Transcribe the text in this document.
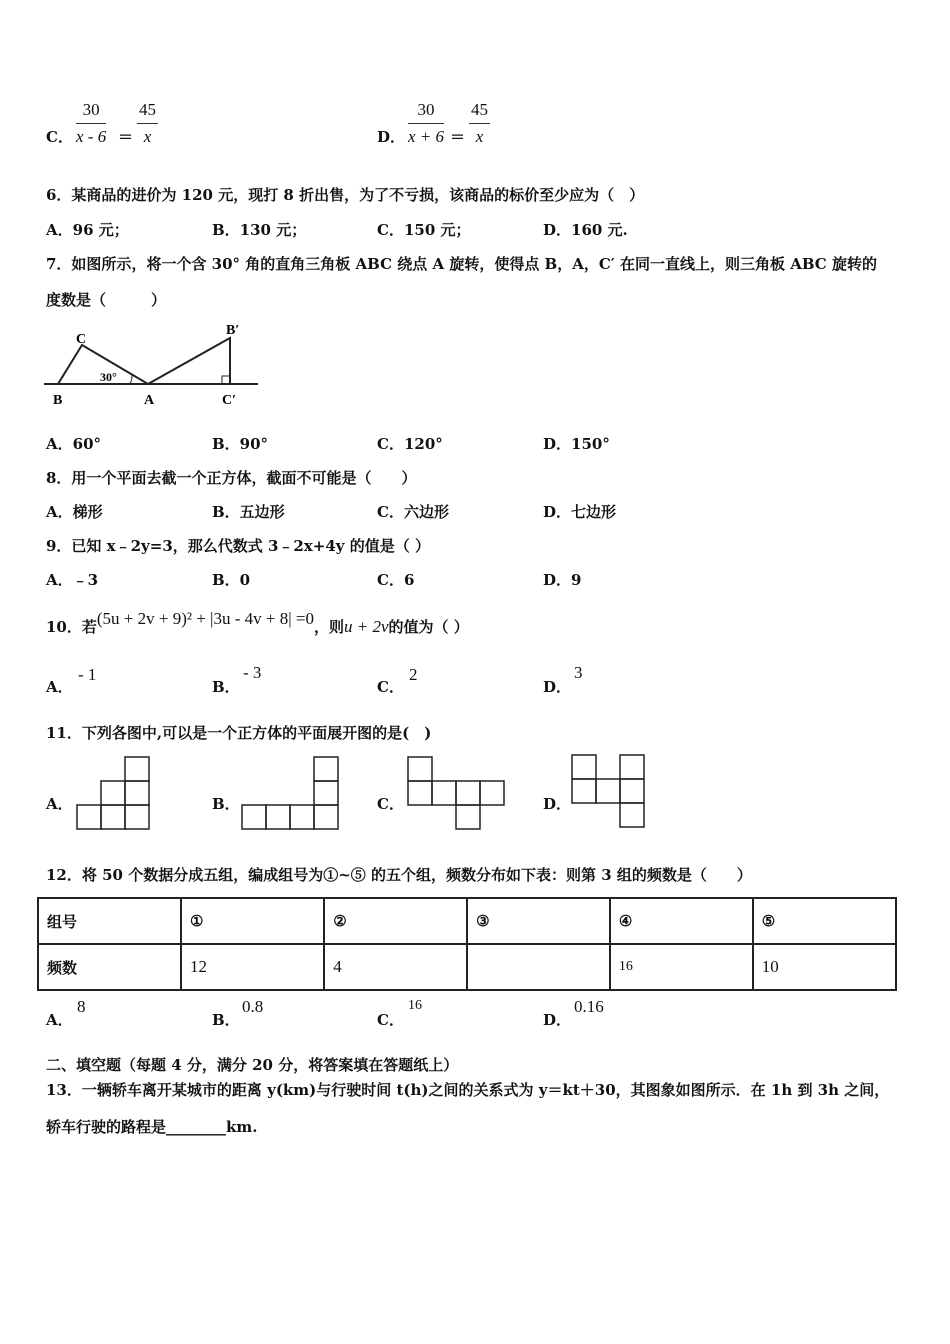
C． $\frac{30}{x - 6} = \frac{45}{x}$	D． $\frac{30}{x + 6} = \frac{45}{x}$
6．某商品的进价为 120 元，现打 8 折出售，为了不亏损，该商品的标价至少应为（　）
A．96 元；	B．130 元；	C．150 元；	D．160 元.
7．如图所示，将一个含 30° 角的直角三角板 ABC 绕点 A 旋转，使得点 B，A，C′ 在同一直线上，则三角板 ABC 旋转的
度数是（　　　）
C
B	A
B′
C′
30°
A．60°	B．90°	C．120°	D．150°
8．用一个平面去截一个正方体，截面不可能是（　　）
A．梯形	B．五边形	C．六边形	D．七边形
9．已知 x﹣2y=3，那么代数式 3﹣2x+4y 的值是（ ）
A．﹣3	B．0	C．6	D．9
10．若(5u + 2v + 9)² + |3u - 4v + 8| =0，则u + 2v的值为（ ）
A．
- 1
B．
- 3
C．
2
D．
3
11．下列各图中,可以是一个正方体的平面展开图的是(　)
A．	B．	C．	D．
12．将 50 个数据分成五组，编成组号为①~⑤ 的五个组，频数分布如下表：则第 3 组的频数是（　　）
组号	①	②	③	④	⑤
频数	12	4		16	10
A．
8
B．
0.8
C．
16
D．
0.16
二、填空题（每题 4 分，满分 20 分，将答案填在答题纸上）
13．一辆轿车离开某城市的距离 y(km)与行驶时间 t(h)之间的关系式为 y＝kt＋30，其图象如图所示．在 1h 到 3h 之间，
轿车行驶的路程是________km.
